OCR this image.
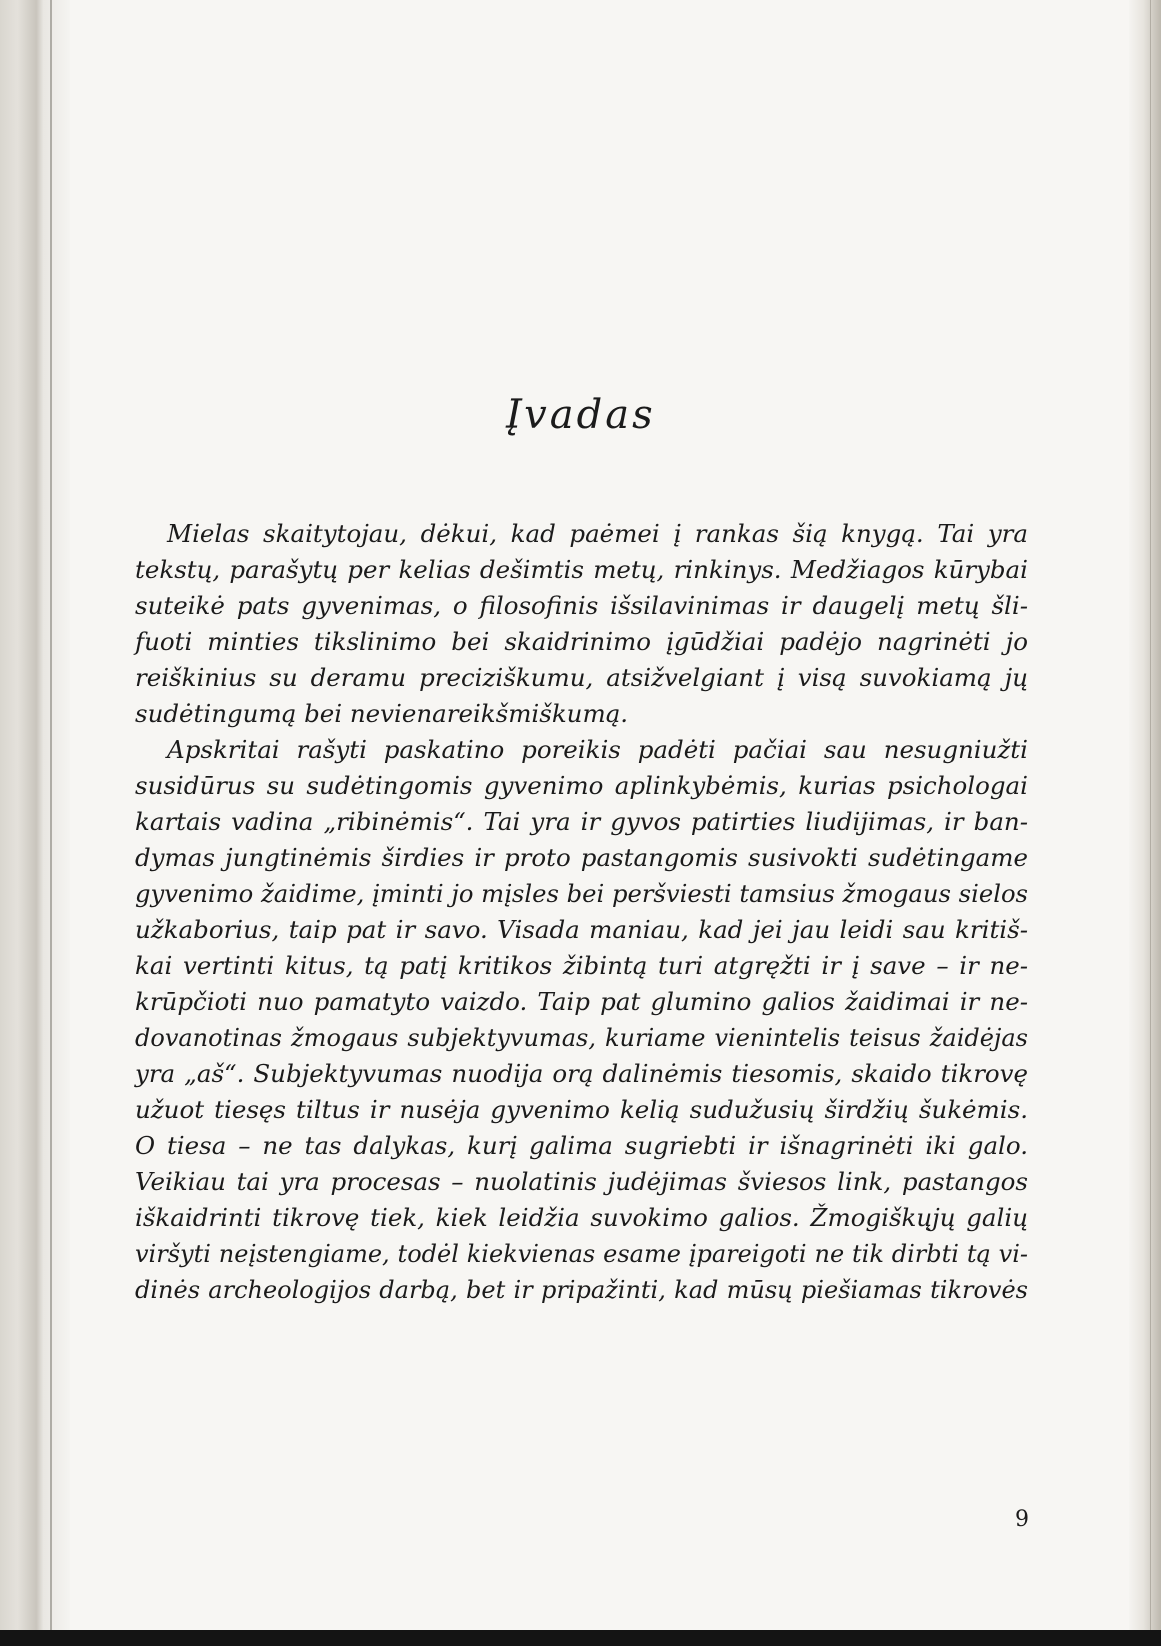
Įvadas
Mielas skaitytojau, dėkui, kad paėmei į rankas šią knygą. Tai yra
tekstų, parašytų per kelias dešimtis metų, rinkinys. Medžiagos kūrybai
suteikė pats gyvenimas, o filosofinis išsilavinimas ir daugelį metų šli-
fuoti minties tikslinimo bei skaidrinimo įgūdžiai padėjo nagrinėti jo
reiškinius su deramu preciziškumu, atsižvelgiant į visą suvokiamą jų
sudėtingumą bei nevienareikšmiškumą.
Apskritai rašyti paskatino poreikis padėti pačiai sau nesugniužti
susidūrus su sudėtingomis gyvenimo aplinkybėmis, kurias psichologai
kartais vadina „ribinėmis“. Tai yra ir gyvos patirties liudijimas, ir ban-
dymas jungtinėmis širdies ir proto pastangomis susivokti sudėtingame
gyvenimo žaidime, įminti jo mįsles bei peršviesti tamsius žmogaus sielos
užkaborius, taip pat ir savo. Visada maniau, kad jei jau leidi sau kritiš-
kai vertinti kitus, tą patį kritikos žibintą turi atgręžti ir į save – ir ne-
krūpčioti nuo pamatyto vaizdo. Taip pat glumino galios žaidimai ir ne-
dovanotinas žmogaus subjektyvumas, kuriame vienintelis teisus žaidėjas
yra „aš“. Subjektyvumas nuodija orą dalinėmis tiesomis, skaido tikrovę
užuot tiesęs tiltus ir nusėja gyvenimo kelią sudužusių širdžių šukėmis.
O tiesa – ne tas dalykas, kurį galima sugriebti ir išnagrinėti iki galo.
Veikiau tai yra procesas – nuolatinis judėjimas šviesos link, pastangos
iškaidrinti tikrovę tiek, kiek leidžia suvokimo galios. Žmogiškųjų galių
viršyti neįstengiame, todėl kiekvienas esame įpareigoti ne tik dirbti tą vi-
dinės archeologijos darbą, bet ir pripažinti, kad mūsų piešiamas tikrovės
9
